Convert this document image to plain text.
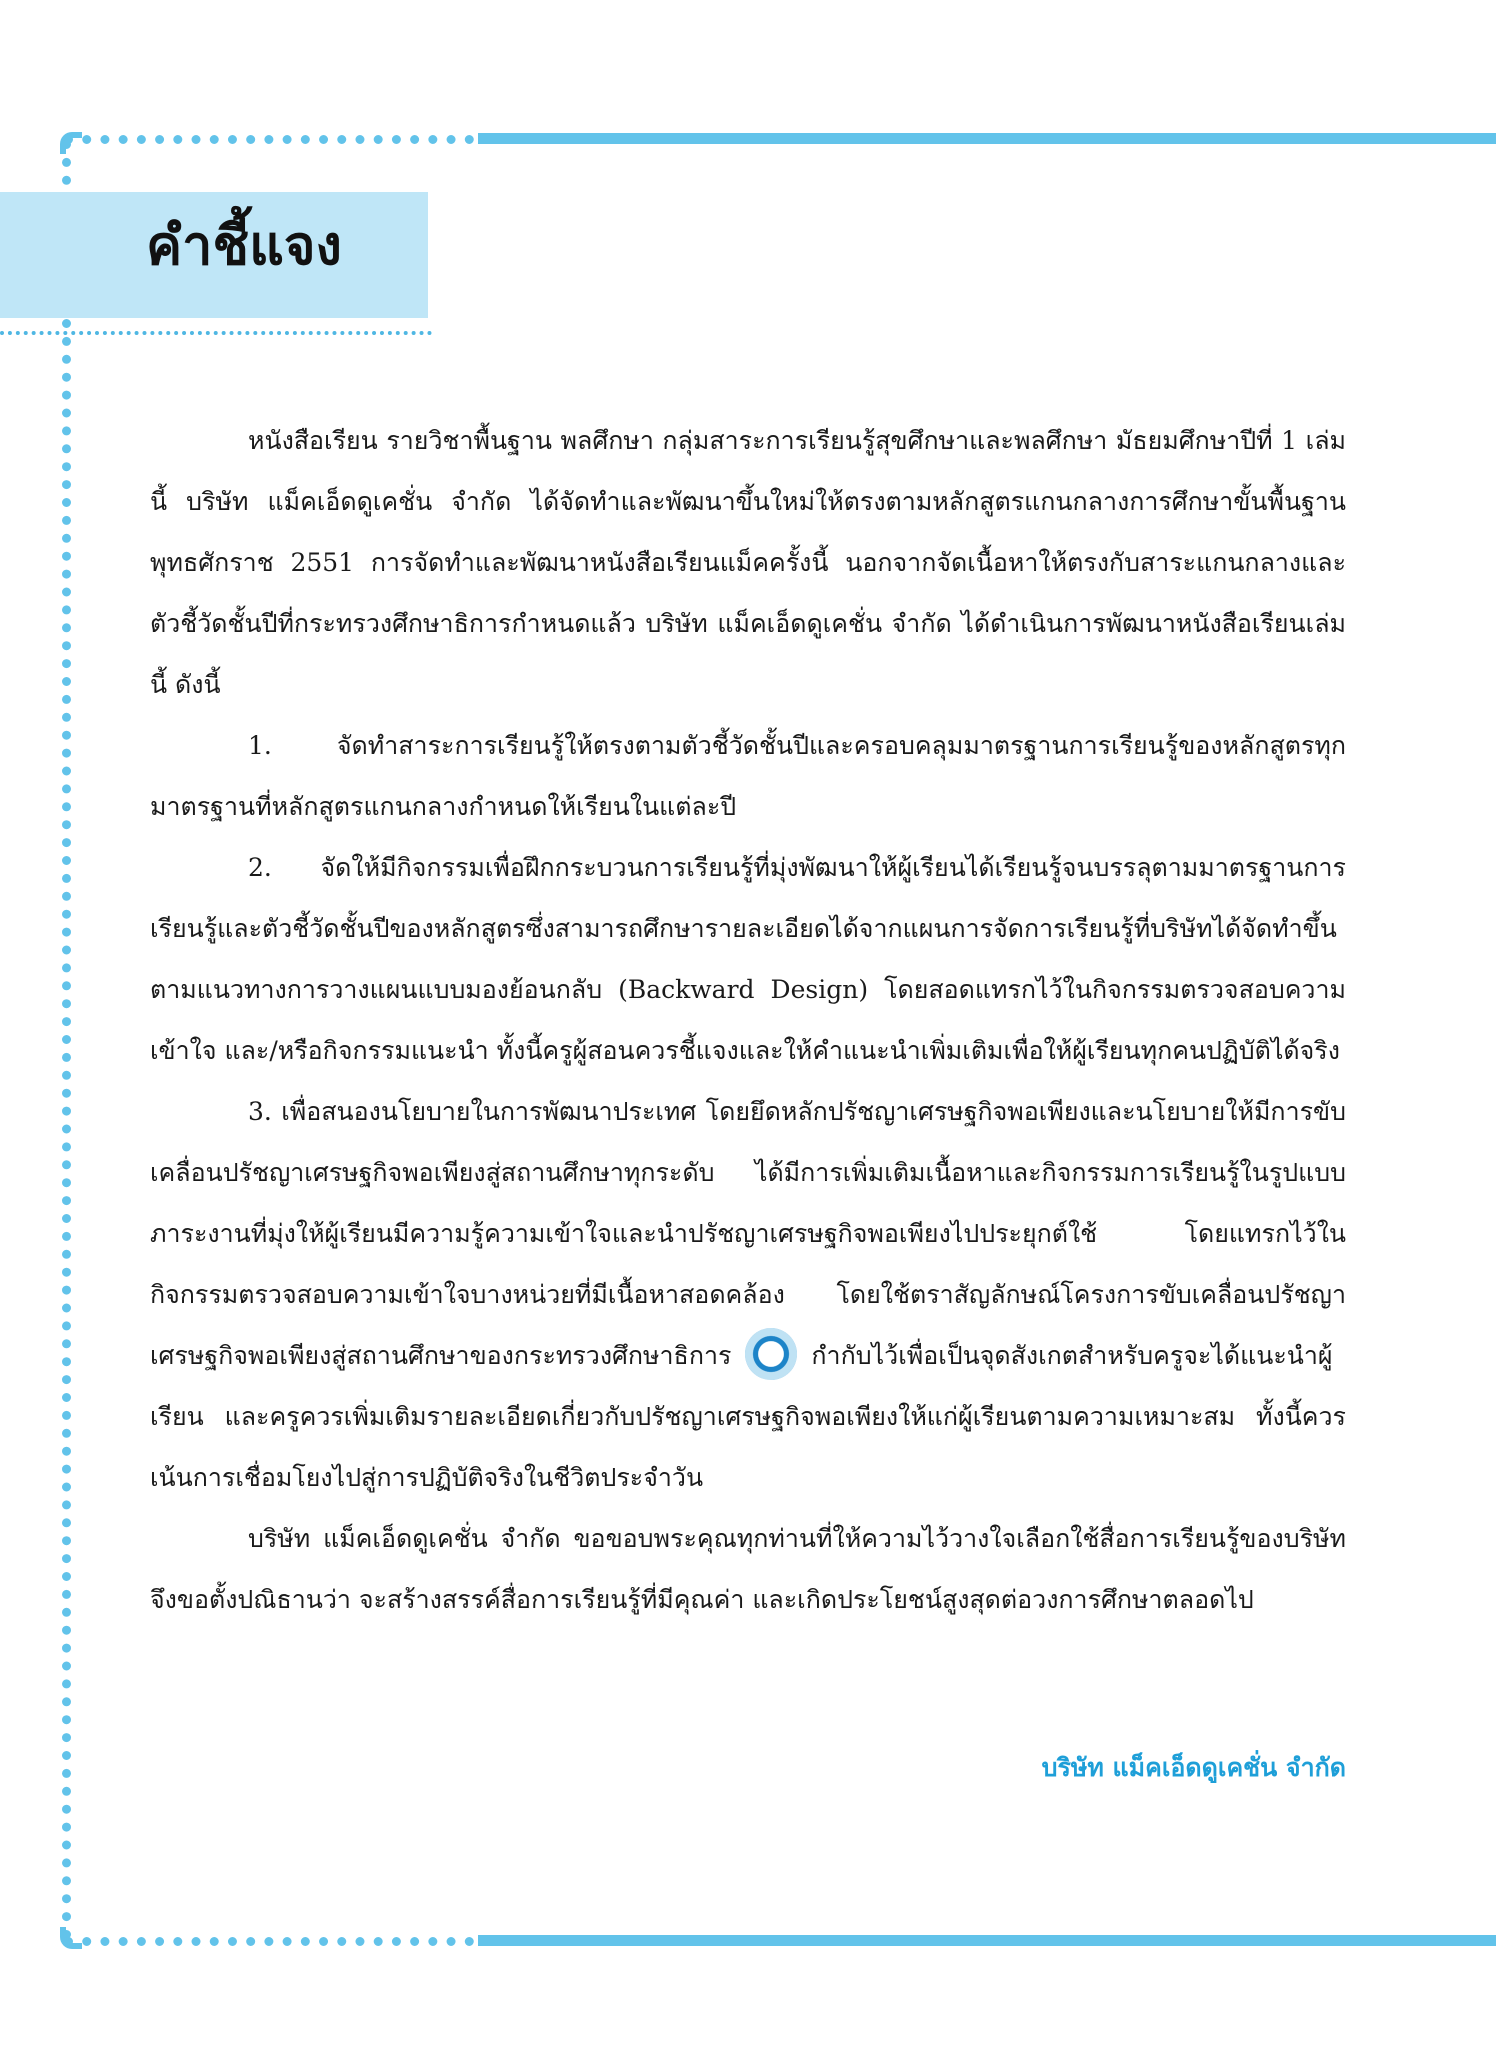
คำชี้แจง

หนังสือเรียน รายวิชาพื้นฐาน พลศึกษา กลุ่มสาระการเรียนรู้สุขศึกษาและพลศึกษา มัธยมศึกษาปีที่ 1 เล่มนี้ บริษัท แม็คเอ็ดดูเคชั่น จำกัด ได้จัดทำและพัฒนาขึ้นใหม่ให้ตรงตามหลักสูตรแกนกลางการศึกษาขั้นพื้นฐาน พุทธศักราช 2551 การจัดทำและพัฒนาหนังสือเรียนแม็คครั้งนี้ นอกจากจัดเนื้อหาให้ตรงกับสาระแกนกลางและตัวชี้วัดชั้นปีที่กระทรวงศึกษาธิการกำหนดแล้ว บริษัท แม็คเอ็ดดูเคชั่น จำกัด ได้ดำเนินการพัฒนาหนังสือเรียนเล่มนี้ ดังนี้

1. จัดทำสาระการเรียนรู้ให้ตรงตามตัวชี้วัดชั้นปีและครอบคลุมมาตรฐานการเรียนรู้ของหลักสูตรทุกมาตรฐานที่หลักสูตรแกนกลางกำหนดให้เรียนในแต่ละปี

2. จัดให้มีกิจกรรมเพื่อฝึกกระบวนการเรียนรู้ที่มุ่งพัฒนาให้ผู้เรียนได้เรียนรู้จนบรรลุตามมาตรฐานการเรียนรู้และตัวชี้วัดชั้นปีของหลักสูตรซึ่งสามารถศึกษารายละเอียดได้จากแผนการจัดการเรียนรู้ที่บริษัทได้จัดทำขึ้นตามแนวทางการวางแผนแบบมองย้อนกลับ (Backward Design) โดยสอดแทรกไว้ในกิจกรรมตรวจสอบความเข้าใจ และ/หรือกิจกรรมแนะนำ ทั้งนี้ครูผู้สอนควรชี้แจงและให้คำแนะนำเพิ่มเติมเพื่อให้ผู้เรียนทุกคนปฏิบัติได้จริง

3. เพื่อสนองนโยบายในการพัฒนาประเทศ โดยยึดหลักปรัชญาเศรษฐกิจพอเพียงและนโยบายให้มีการขับเคลื่อนปรัชญาเศรษฐกิจพอเพียงสู่สถานศึกษาทุกระดับ ได้มีการเพิ่มเติมเนื้อหาและกิจกรรมการเรียนรู้ในรูปแบบภาระงานที่มุ่งให้ผู้เรียนมีความรู้ความเข้าใจและนำปรัชญาเศรษฐกิจพอเพียงไปประยุกต์ใช้ โดยแทรกไว้ในกิจกรรมตรวจสอบความเข้าใจบางหน่วยที่มีเนื้อหาสอดคล้อง โดยใช้ตราสัญลักษณ์โครงการขับเคลื่อนปรัชญาเศรษฐกิจพอเพียงสู่สถานศึกษาของกระทรวงศึกษาธิการ	กำกับไว้เพื่อเป็นจุดสังเกตสำหรับครูจะได้แนะนำผู้เรียน และครูควรเพิ่มเติมรายละเอียดเกี่ยวกับปรัชญาเศรษฐกิจพอเพียงให้แก่ผู้เรียนตามความเหมาะสม ทั้งนี้ควรเน้นการเชื่อมโยงไปสู่การปฏิบัติจริงในชีวิตประจำวัน

บริษัท แม็คเอ็ดดูเคชั่น จำกัด ขอขอบพระคุณทุกท่านที่ให้ความไว้วางใจเลือกใช้สื่อการเรียนรู้ของบริษัท จึงขอตั้งปณิธานว่า จะสร้างสรรค์สื่อการเรียนรู้ที่มีคุณค่า และเกิดประโยชน์สูงสุดต่อวงการศึกษาตลอดไป

บริษัท แม็คเอ็ดดูเคชั่น จำกัด
